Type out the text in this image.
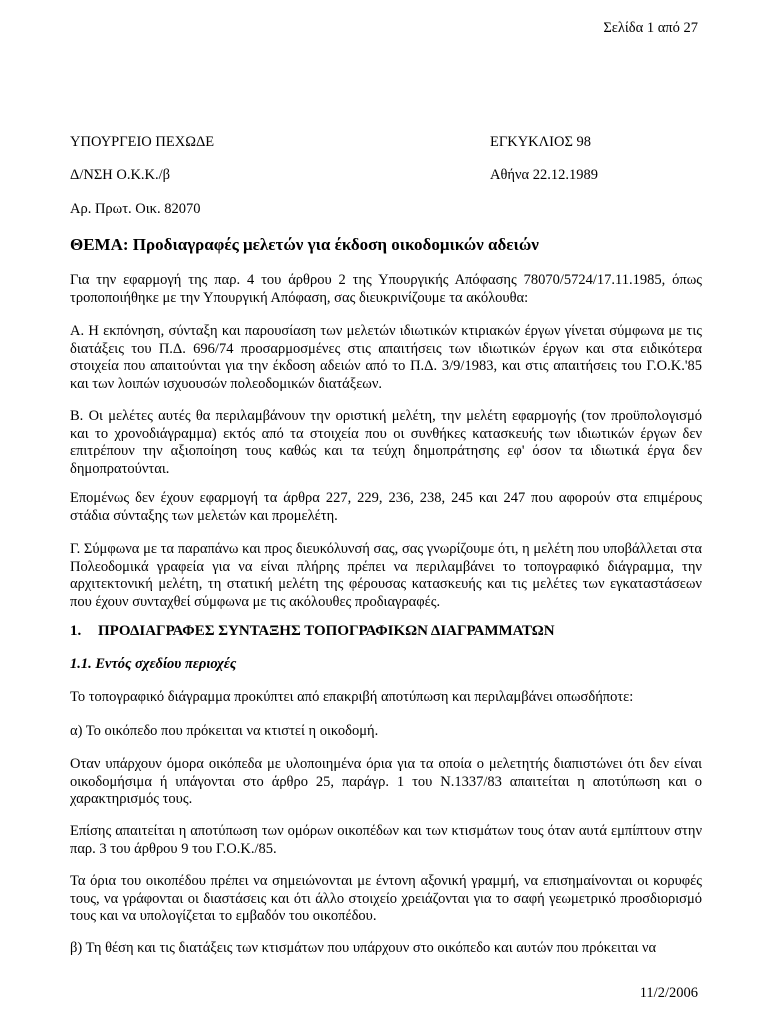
Σελίδα 1 από 27
ΥΠΟΥΡΓΕΙΟ ΠΕΧΩΔΕ	ΕΓΚΥΚΛΙΟΣ 98
Δ/ΝΣΗ Ο.Κ.Κ./β	Αθήνα 22.12.1989
Αρ. Πρωτ. Οικ. 82070
ΘΕΜΑ: Προδιαγραφές μελετών για έκδοση οικοδομικών αδειών
Για την εφαρμογή της παρ. 4 του άρθρου 2 της Υπουργικής Απόφασης 78070/5724/17.11.1985, όπως τροποποιήθηκε με την Υπουργική Απόφαση, σας διευκρινίζουμε τα ακόλουθα:
Α. Η εκπόνηση, σύνταξη και παρουσίαση των μελετών ιδιωτικών κτιριακών έργων γίνεται σύμφωνα με τις διατάξεις του Π.Δ. 696/74 προσαρμοσμένες στις απαιτήσεις των ιδιωτικών έργων και στα ειδικότερα στοιχεία που απαιτούνται για την έκδοση αδειών από το Π.Δ. 3/9/1983, και στις απαιτήσεις του Γ.Ο.Κ.'85 και των λοιπών ισχυουσών πολεοδομικών διατάξεων.
Β. Οι μελέτες αυτές θα περιλαμβάνουν την οριστική μελέτη, την μελέτη εφαρμογής (τον προϋπολογισμό και το χρονοδιάγραμμα) εκτός από τα στοιχεία που οι συνθήκες κατασκευής των ιδιωτικών έργων δεν επιτρέπουν την αξιοποίηση τους καθώς και τα τεύχη δημοπράτησης εφ' όσον τα ιδιωτικά έργα δεν δημοπρατούνται.
Επομένως δεν έχουν εφαρμογή τα άρθρα 227, 229, 236, 238, 245 και 247 που αφορούν στα επιμέρους στάδια σύνταξης των μελετών και προμελέτη.
Γ. Σύμφωνα με τα παραπάνω και προς διευκόλυνσή σας, σας γνωρίζουμε ότι, η μελέτη που υποβάλλεται στα Πολεοδομικά γραφεία για να είναι πλήρης πρέπει να περιλαμβάνει το τοπογραφικό διάγραμμα, την αρχιτεκτονική μελέτη, τη στατική μελέτη της φέρουσας κατασκευής και τις μελέτες των εγκαταστάσεων που έχουν συνταχθεί σύμφωνα με τις ακόλουθες προδιαγραφές.
1. ΠΡΟΔΙΑΓΡΑΦΕΣ ΣΥΝΤΑΞΗΣ ΤΟΠΟΓΡΑΦΙΚΩΝ ΔΙΑΓΡΑΜΜΑΤΩΝ
1.1. Εντός σχεδίου περιοχές
Το τοπογραφικό διάγραμμα προκύπτει από επακριβή αποτύπωση και περιλαμβάνει οπωσδήποτε:
α) Το οικόπεδο που πρόκειται να κτιστεί η οικοδομή.
Οταν υπάρχουν όμορα οικόπεδα με υλοποιημένα όρια για τα οποία ο μελετητής διαπιστώνει ότι δεν είναι οικοδομήσιμα ή υπάγονται στο άρθρο 25, παράγρ. 1 του Ν.1337/83 απαιτείται η αποτύπωση και ο χαρακτηρισμός τους.
Επίσης απαιτείται η αποτύπωση των ομόρων οικοπέδων και των κτισμάτων τους όταν αυτά εμπίπτουν στην παρ. 3 του άρθρου 9 του Γ.Ο.Κ./85.
Τα όρια του οικοπέδου πρέπει να σημειώνονται με έντονη αξονική γραμμή, να επισημαίνονται οι κορυφές τους, να γράφονται οι διαστάσεις και ότι άλλο στοιχείο χρειάζονται για το σαφή γεωμετρικό προσδιορισμό τους και να υπολογίζεται το εμβαδόν του οικοπέδου.
β) Τη θέση και τις διατάξεις των κτισμάτων που υπάρχουν στο οικόπεδο και αυτών που πρόκειται να
11/2/2006
